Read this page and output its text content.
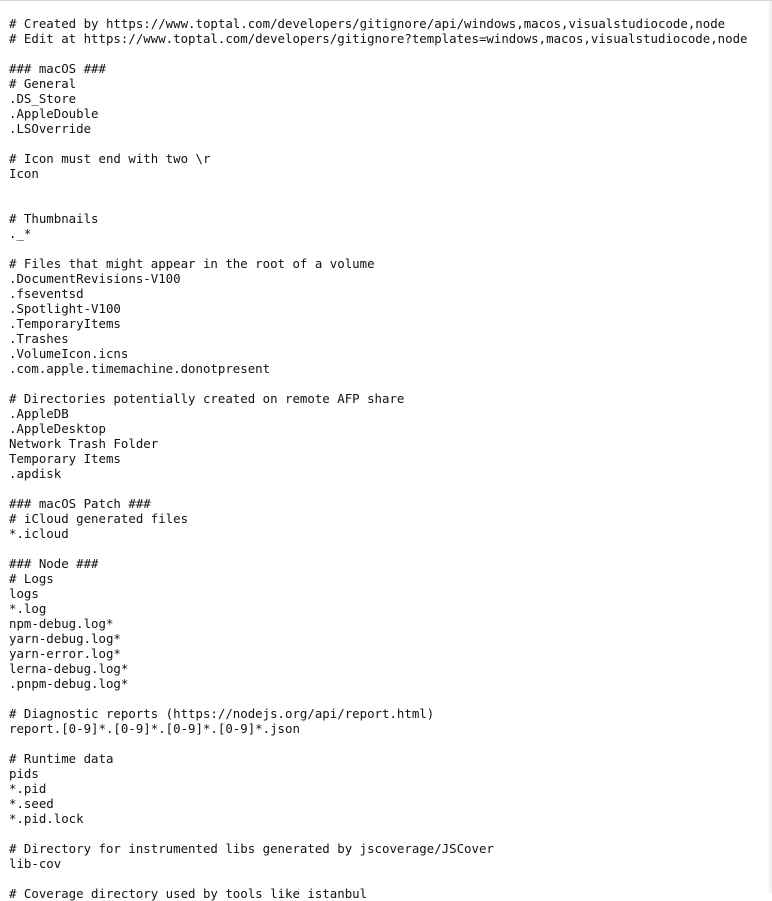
# Created by https://www.toptal.com/developers/gitignore/api/windows,macos,visualstudiocode,node
# Edit at https://www.toptal.com/developers/gitignore?templates=windows,macos,visualstudiocode,node
### macOS ###
# General
.DS_Store
.AppleDouble
.LSOverride
# Icon must end with two \r
Icon
# Thumbnails
._*
# Files that might appear in the root of a volume
.DocumentRevisions-V100
.fseventsd
.Spotlight-V100
.TemporaryItems
.Trashes
.VolumeIcon.icns
.com.apple.timemachine.donotpresent
# Directories potentially created on remote AFP share
.AppleDB
.AppleDesktop
Network Trash Folder
Temporary Items
.apdisk
### macOS Patch ###
# iCloud generated files
*.icloud
### Node ###
# Logs
logs
*.log
npm-debug.log*
yarn-debug.log*
yarn-error.log*
lerna-debug.log*
.pnpm-debug.log*
# Diagnostic reports (https://nodejs.org/api/report.html)
report.[0-9]*.[0-9]*.[0-9]*.[0-9]*.json
# Runtime data
pids
*.pid
*.seed
*.pid.lock
# Directory for instrumented libs generated by jscoverage/JSCover
lib-cov
# Coverage directory used by tools like istanbul
